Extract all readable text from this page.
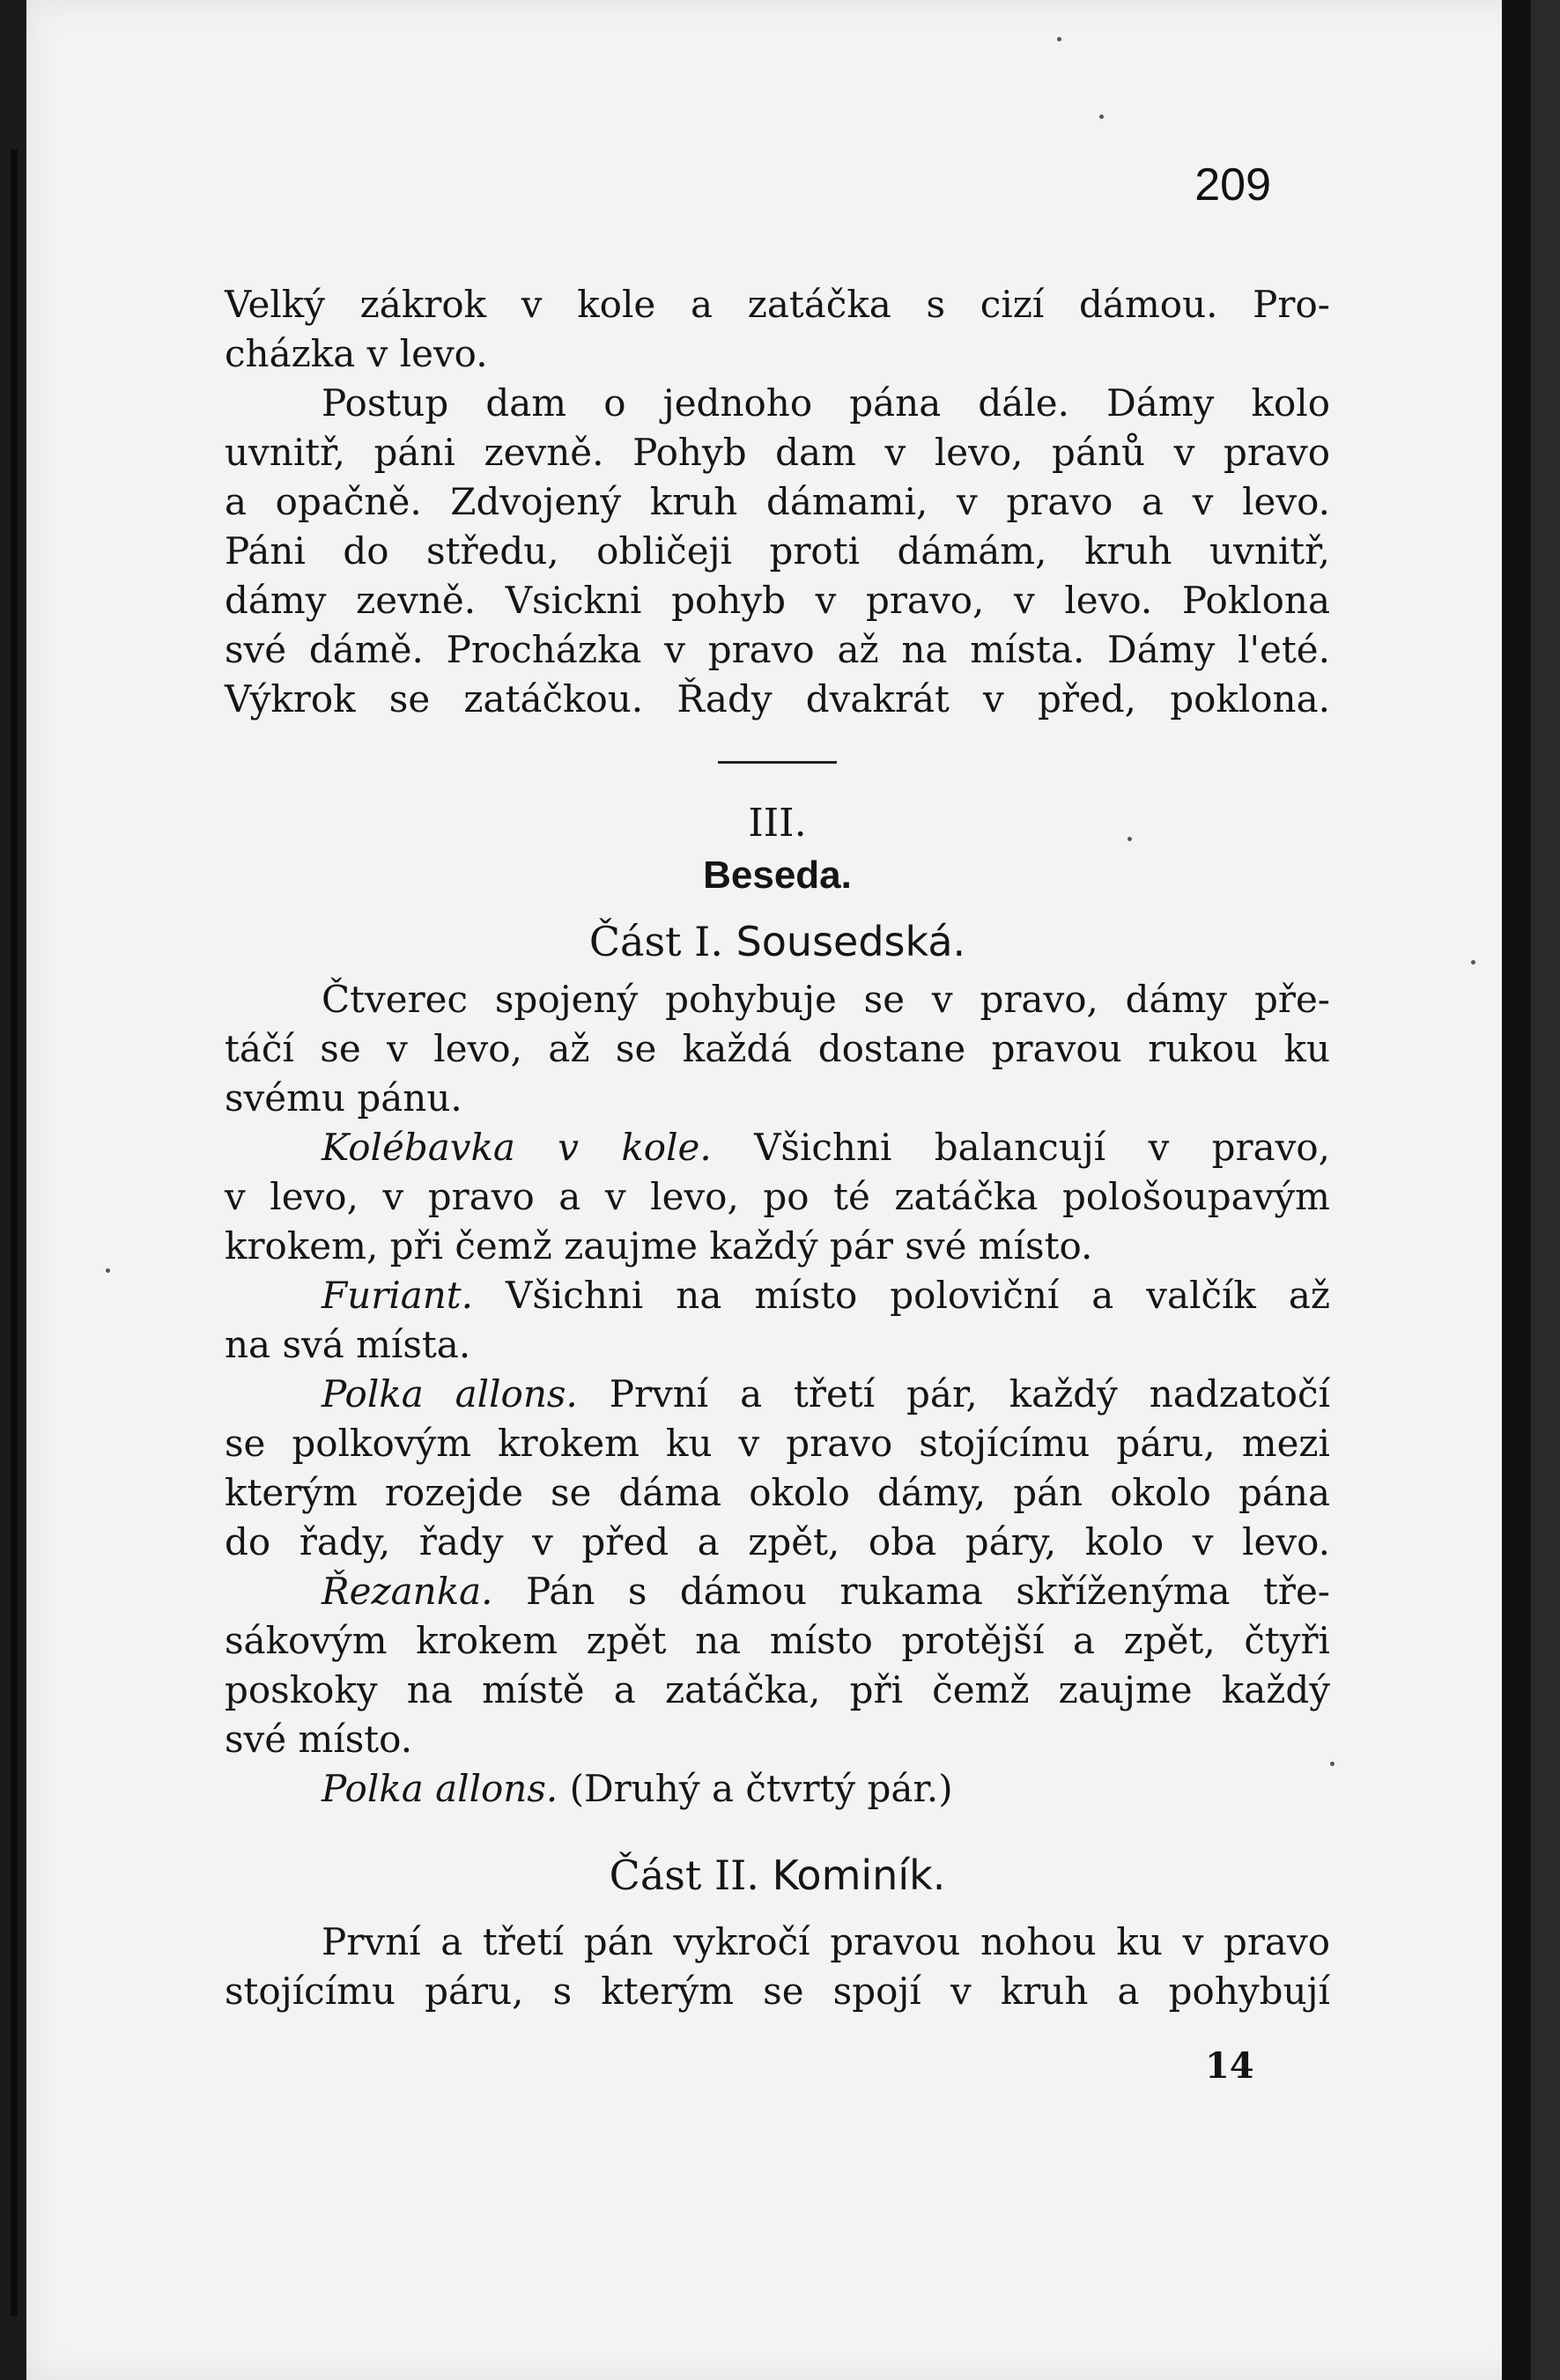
209
Velký zákrok v kole a zatáčka s cizí dámou. Pro-
cházka v levo.
Postup dam o jednoho pána dále. Dámy kolo
uvnitř, páni zevně. Pohyb dam v levo, pánů v pravo
a opačně. Zdvojený kruh dámami, v pravo a v levo.
Páni do středu, obličeji proti dámám, kruh uvnitř,
dámy zevně. Vsickni pohyb v pravo, v levo. Poklona
své dámě. Procházka v pravo až na místa. Dámy l'eté.
Výkrok se zatáčkou. Řady dvakrát v před, poklona.
III.
Beseda.
Část I. Sousedská.
Čtverec spojený pohybuje se v pravo, dámy pře-
táčí se v levo, až se každá dostane pravou rukou ku
svému pánu.
Kolébavka v kole. Všichni balancují v pravo,
v levo, v pravo a v levo, po té zatáčka pološoupavým
krokem, při čemž zaujme každý pár své místo.
Furiant. Všichni na místo poloviční a valčík až
na svá místa.
Polka allons. První a třetí pár, každý nadzatočí
se polkovým krokem ku v pravo stojícímu páru, mezi
kterým rozejde se dáma okolo dámy, pán okolo pána
do řady, řady v před a zpět, oba páry, kolo v levo.
Řezanka. Pán s dámou rukama skříženýma tře-
sákovým krokem zpět na místo protější a zpět, čtyři
poskoky na místě a zatáčka, při čemž zaujme každý
své místo.
Polka allons. (Druhý a čtvrtý pár.)
Část II. Kominík.
První a třetí pán vykročí pravou nohou ku v pravo
stojícímu páru, s kterým se spojí v kruh a pohybují
14
